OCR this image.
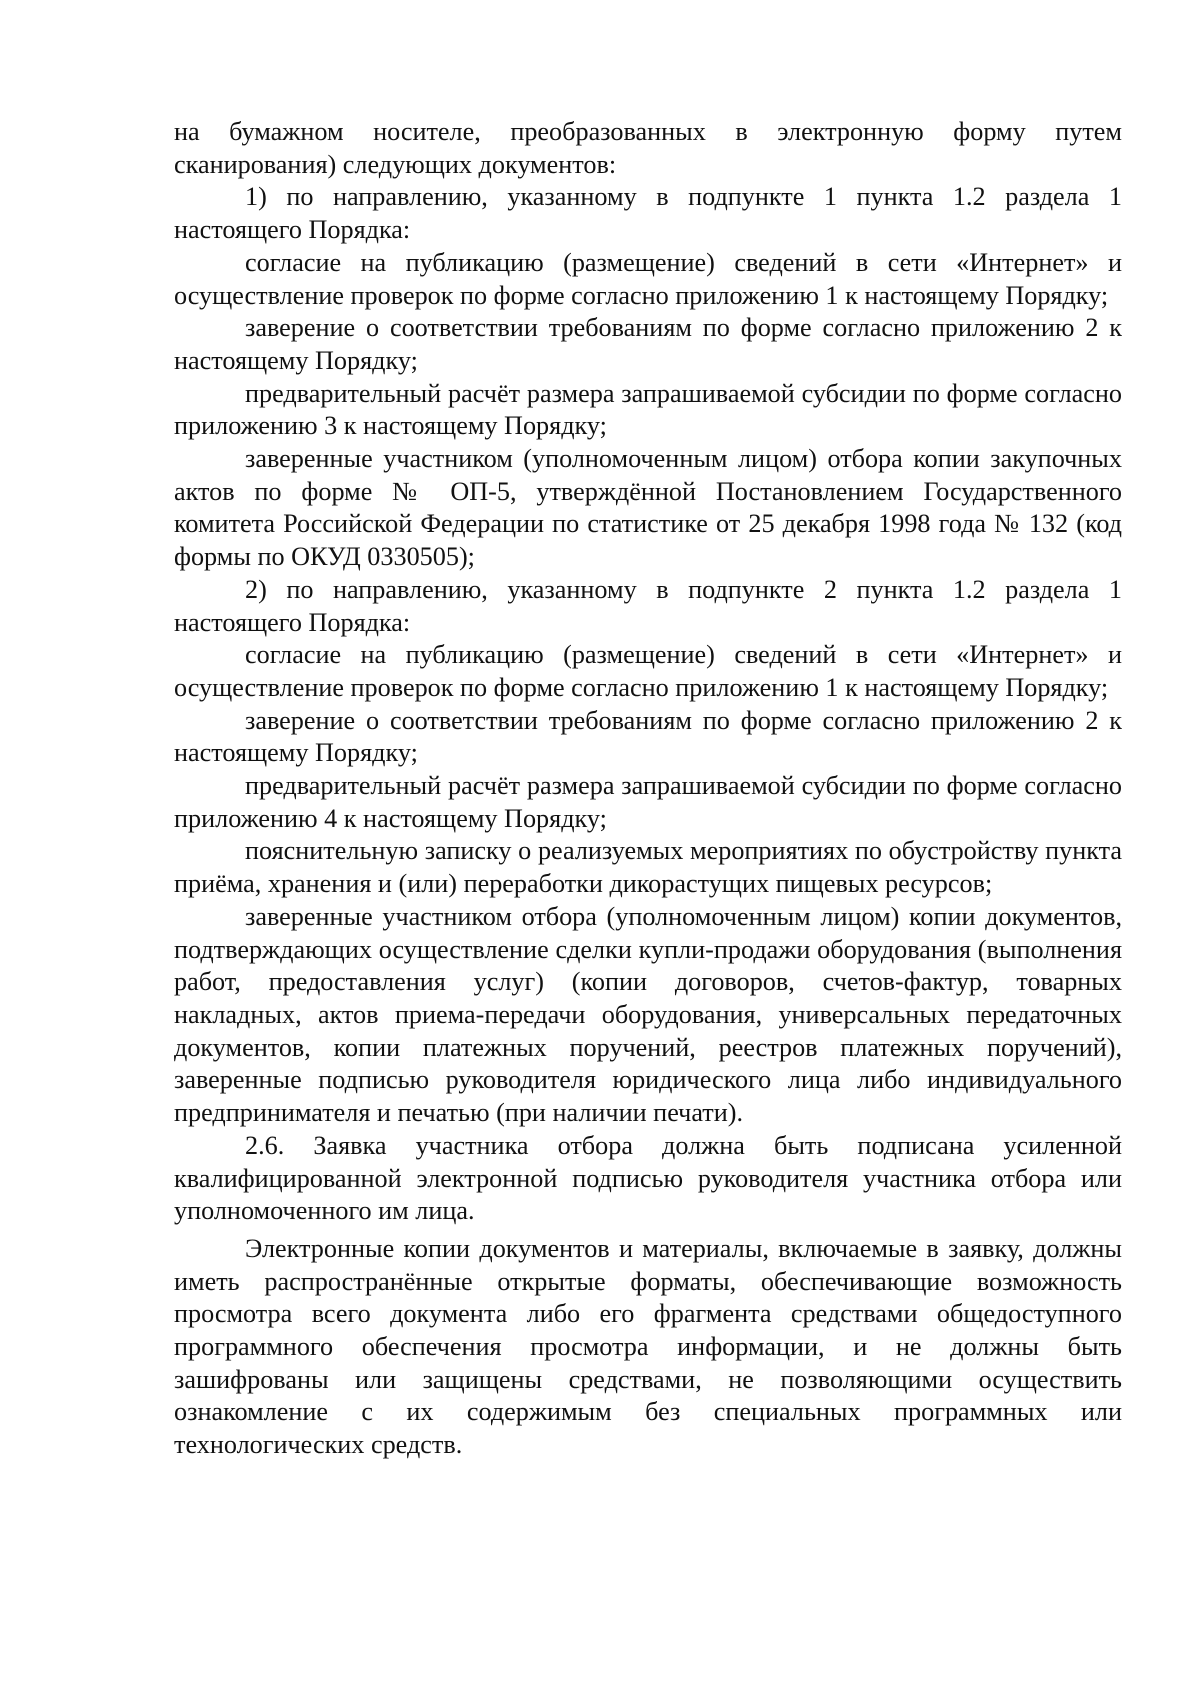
на бумажном носителе, преобразованных в электронную форму путем сканирования) следующих документов:

1) по направлению, указанному в подпункте 1 пункта 1.2 раздела 1 настоящего Порядка:

согласие на публикацию (размещение) сведений в сети «Интернет» и осуществление проверок по форме согласно приложению 1 к настоящему Порядку;

заверение о соответствии требованиям по форме согласно приложению 2 к настоящему Порядку;

предварительный расчёт размера запрашиваемой субсидии по форме согласно приложению 3 к настоящему Порядку;

заверенные участником (уполномоченным лицом) отбора копии закупочных актов по форме № ОП-5, утверждённой Постановлением Государственного комитета Российской Федерации по статистике от 25 декабря 1998 года № 132 (код формы по ОКУД 0330505);

2) по направлению, указанному в подпункте 2 пункта 1.2 раздела 1 настоящего Порядка:

согласие на публикацию (размещение) сведений в сети «Интернет» и осуществление проверок по форме согласно приложению 1 к настоящему Порядку;

заверение о соответствии требованиям по форме согласно приложению 2 к настоящему Порядку;

предварительный расчёт размера запрашиваемой субсидии по форме согласно приложению 4 к настоящему Порядку;

пояснительную записку о реализуемых мероприятиях по обустройству пункта приёма, хранения и (или) переработки дикорастущих пищевых ресурсов;

заверенные участником отбора (уполномоченным лицом) копии документов, подтверждающих осуществление сделки купли-продажи оборудования (выполнения работ, предоставления услуг) (копии договоров, счетов-фактур, товарных накладных, актов приема-передачи оборудования, универсальных передаточных документов, копии платежных поручений, реестров платежных поручений), заверенные подписью руководителя юридического лица либо индивидуального предпринимателя и печатью (при наличии печати).

2.6. Заявка участника отбора должна быть подписана усиленной квалифицированной электронной подписью руководителя участника отбора или уполномоченного им лица.

Электронные копии документов и материалы, включаемые в заявку, должны иметь распространённые открытые форматы, обеспечивающие возможность просмотра всего документа либо его фрагмента средствами общедоступного программного обеспечения просмотра информации, и не должны быть зашифрованы или защищены средствами, не позволяющими осуществить ознакомление с их содержимым без специальных программных или технологических средств.
